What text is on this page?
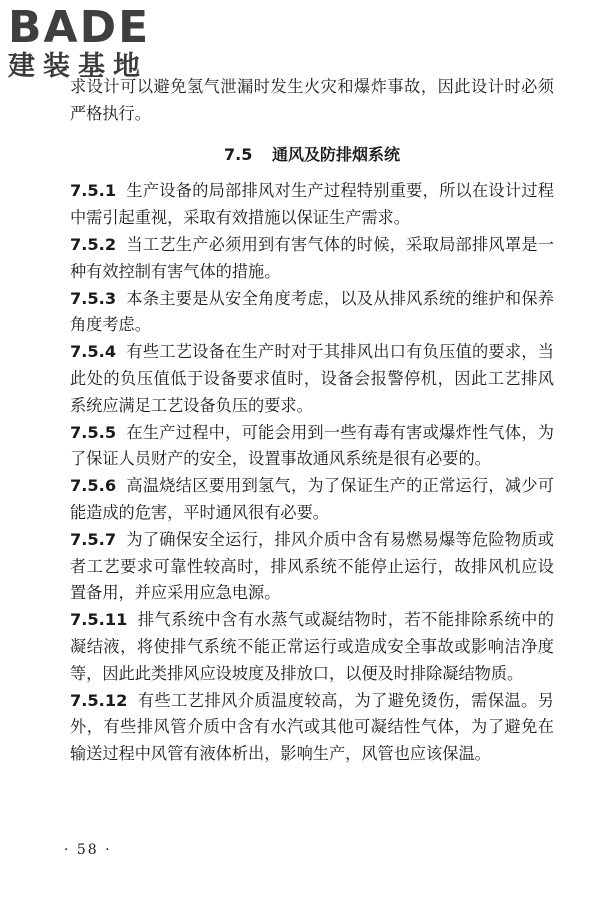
BADE
建装基地

求设计可以避免氢气泄漏时发生火灾和爆炸事故，因此设计时必须严格执行。

7.5 通风及防排烟系统

7.5.1 生产设备的局部排风对生产过程特别重要，所以在设计过程中需引起重视，采取有效措施以保证生产需求。

7.5.2 当工艺生产必须用到有害气体的时候，采取局部排风罩是一种有效控制有害气体的措施。

7.5.3 本条主要是从安全角度考虑，以及从排风系统的维护和保养角度考虑。

7.5.4 有些工艺设备在生产时对于其排风出口有负压值的要求，当此处的负压值低于设备要求值时，设备会报警停机，因此工艺排风系统应满足工艺设备负压的要求。

7.5.5 在生产过程中，可能会用到一些有毒有害或爆炸性气体，为了保证人员财产的安全，设置事故通风系统是很有必要的。

7.5.6 高温烧结区要用到氢气，为了保证生产的正常运行，减少可能造成的危害，平时通风很有必要。

7.5.7 为了确保安全运行，排风介质中含有易燃易爆等危险物质或者工艺要求可靠性较高时，排风系统不能停止运行，故排风机应设置备用，并应采用应急电源。

7.5.11 排气系统中含有水蒸气或凝结物时，若不能排除系统中的凝结液，将使排气系统不能正常运行或造成安全事故或影响洁净度等，因此此类排风应设坡度及排放口，以便及时排除凝结物质。

7.5.12 有些工艺排风介质温度较高，为了避免烫伤，需保温。另外，有些排风管介质中含有水汽或其他可凝结性气体，为了避免在输送过程中风管有液体析出，影响生产，风管也应该保温。

· 58 ·
